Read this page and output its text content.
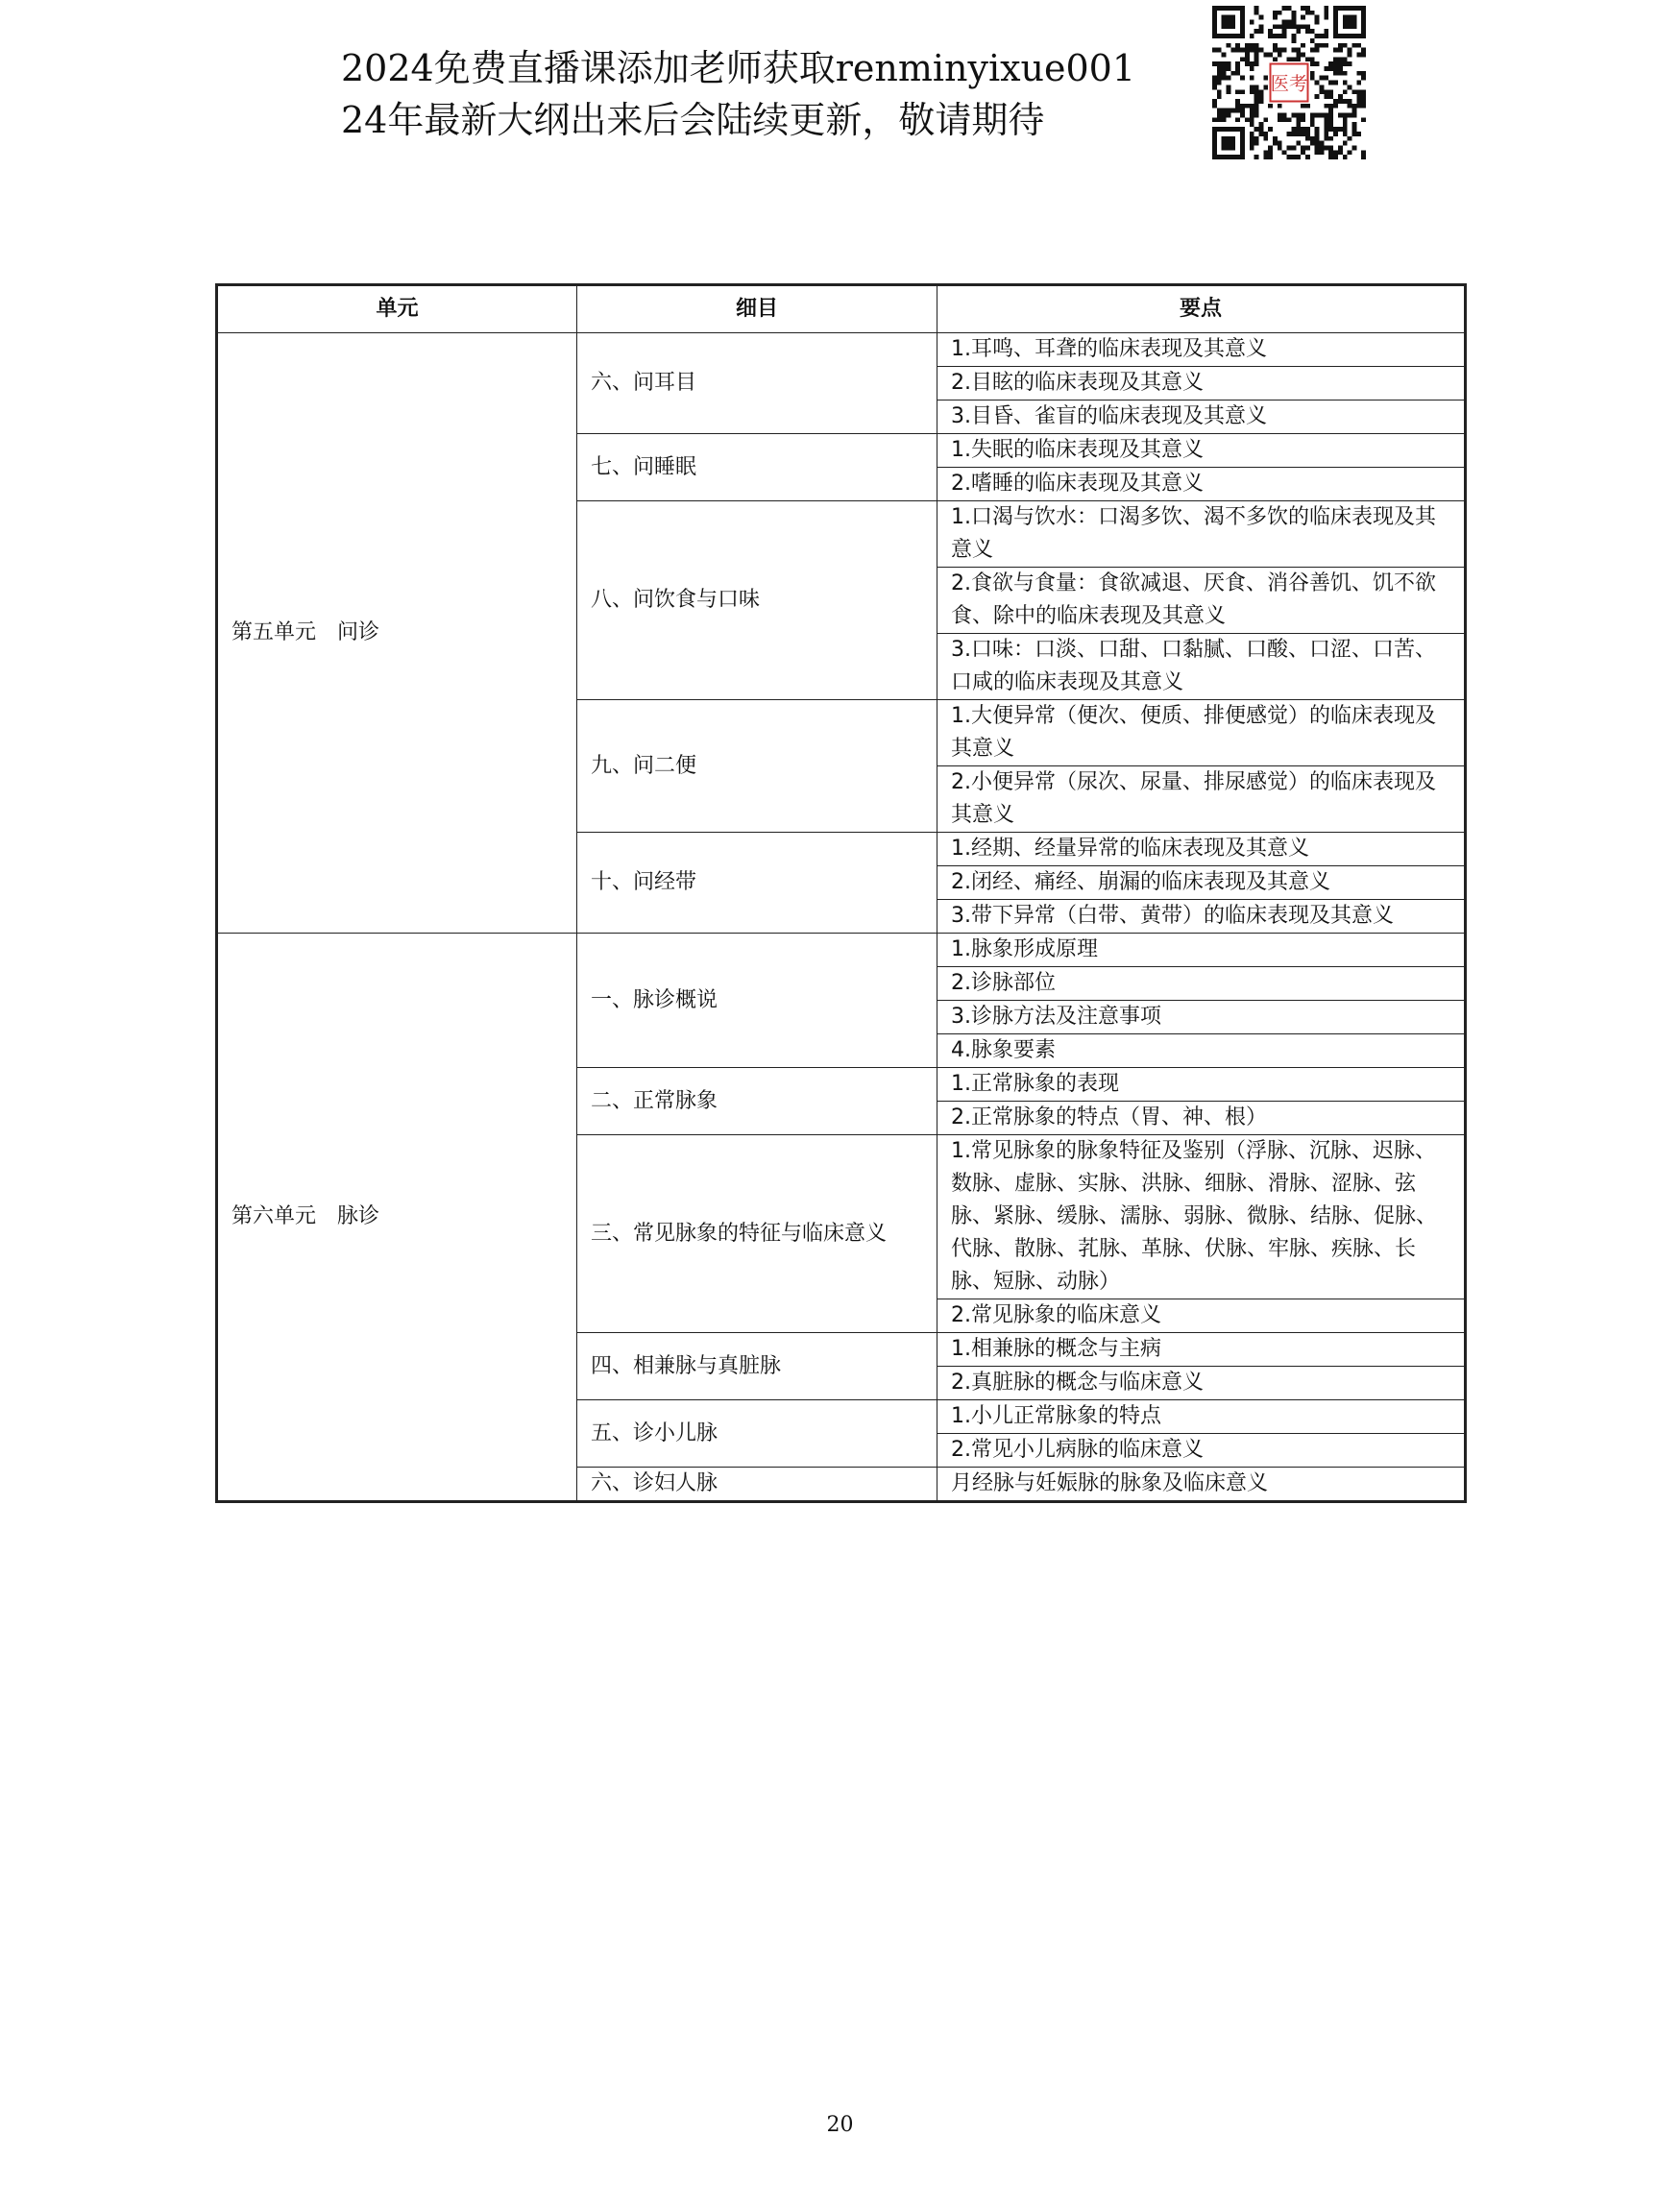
2024免费直播课添加老师获取renminyixue001
24年最新大纲出来后会陆续更新，敬请期待
医考
单元	细目	要点
第五单元　问诊	六、问耳目	1.耳鸣、耳聋的临床表现及其意义
		2.目眩的临床表现及其意义
		3.目昏、雀盲的临床表现及其意义
	七、问睡眠	1.失眠的临床表现及其意义
		2.嗜睡的临床表现及其意义
	八、问饮食与口味	1.口渴与饮水：口渴多饮、渴不多饮的临床表现及其意义
		2.食欲与食量：食欲减退、厌食、消谷善饥、饥不欲食、除中的临床表现及其意义
		3.口味：口淡、口甜、口黏腻、口酸、口涩、口苦、口咸的临床表现及其意义
	九、问二便	1.大便异常（便次、便质、排便感觉）的临床表现及其意义
		2.小便异常（尿次、尿量、排尿感觉）的临床表现及其意义
	十、问经带	1.经期、经量异常的临床表现及其意义
		2.闭经、痛经、崩漏的临床表现及其意义
		3.带下异常（白带、黄带）的临床表现及其意义
第六单元　脉诊	一、脉诊概说	1.脉象形成原理
		2.诊脉部位
		3.诊脉方法及注意事项
		4.脉象要素
	二、正常脉象	1.正常脉象的表现
		2.正常脉象的特点（胃、神、根）
	三、常见脉象的特征与临床意义	1.常见脉象的脉象特征及鉴别（浮脉、沉脉、迟脉、数脉、虚脉、实脉、洪脉、细脉、滑脉、涩脉、弦脉、紧脉、缓脉、濡脉、弱脉、微脉、结脉、促脉、代脉、散脉、芤脉、革脉、伏脉、牢脉、疾脉、长脉、短脉、动脉）
		2.常见脉象的临床意义
	四、相兼脉与真脏脉	1.相兼脉的概念与主病
		2.真脏脉的概念与临床意义
	五、诊小儿脉	1.小儿正常脉象的特点
		2.常见小儿病脉的临床意义
	六、诊妇人脉	月经脉与妊娠脉的脉象及临床意义
20
